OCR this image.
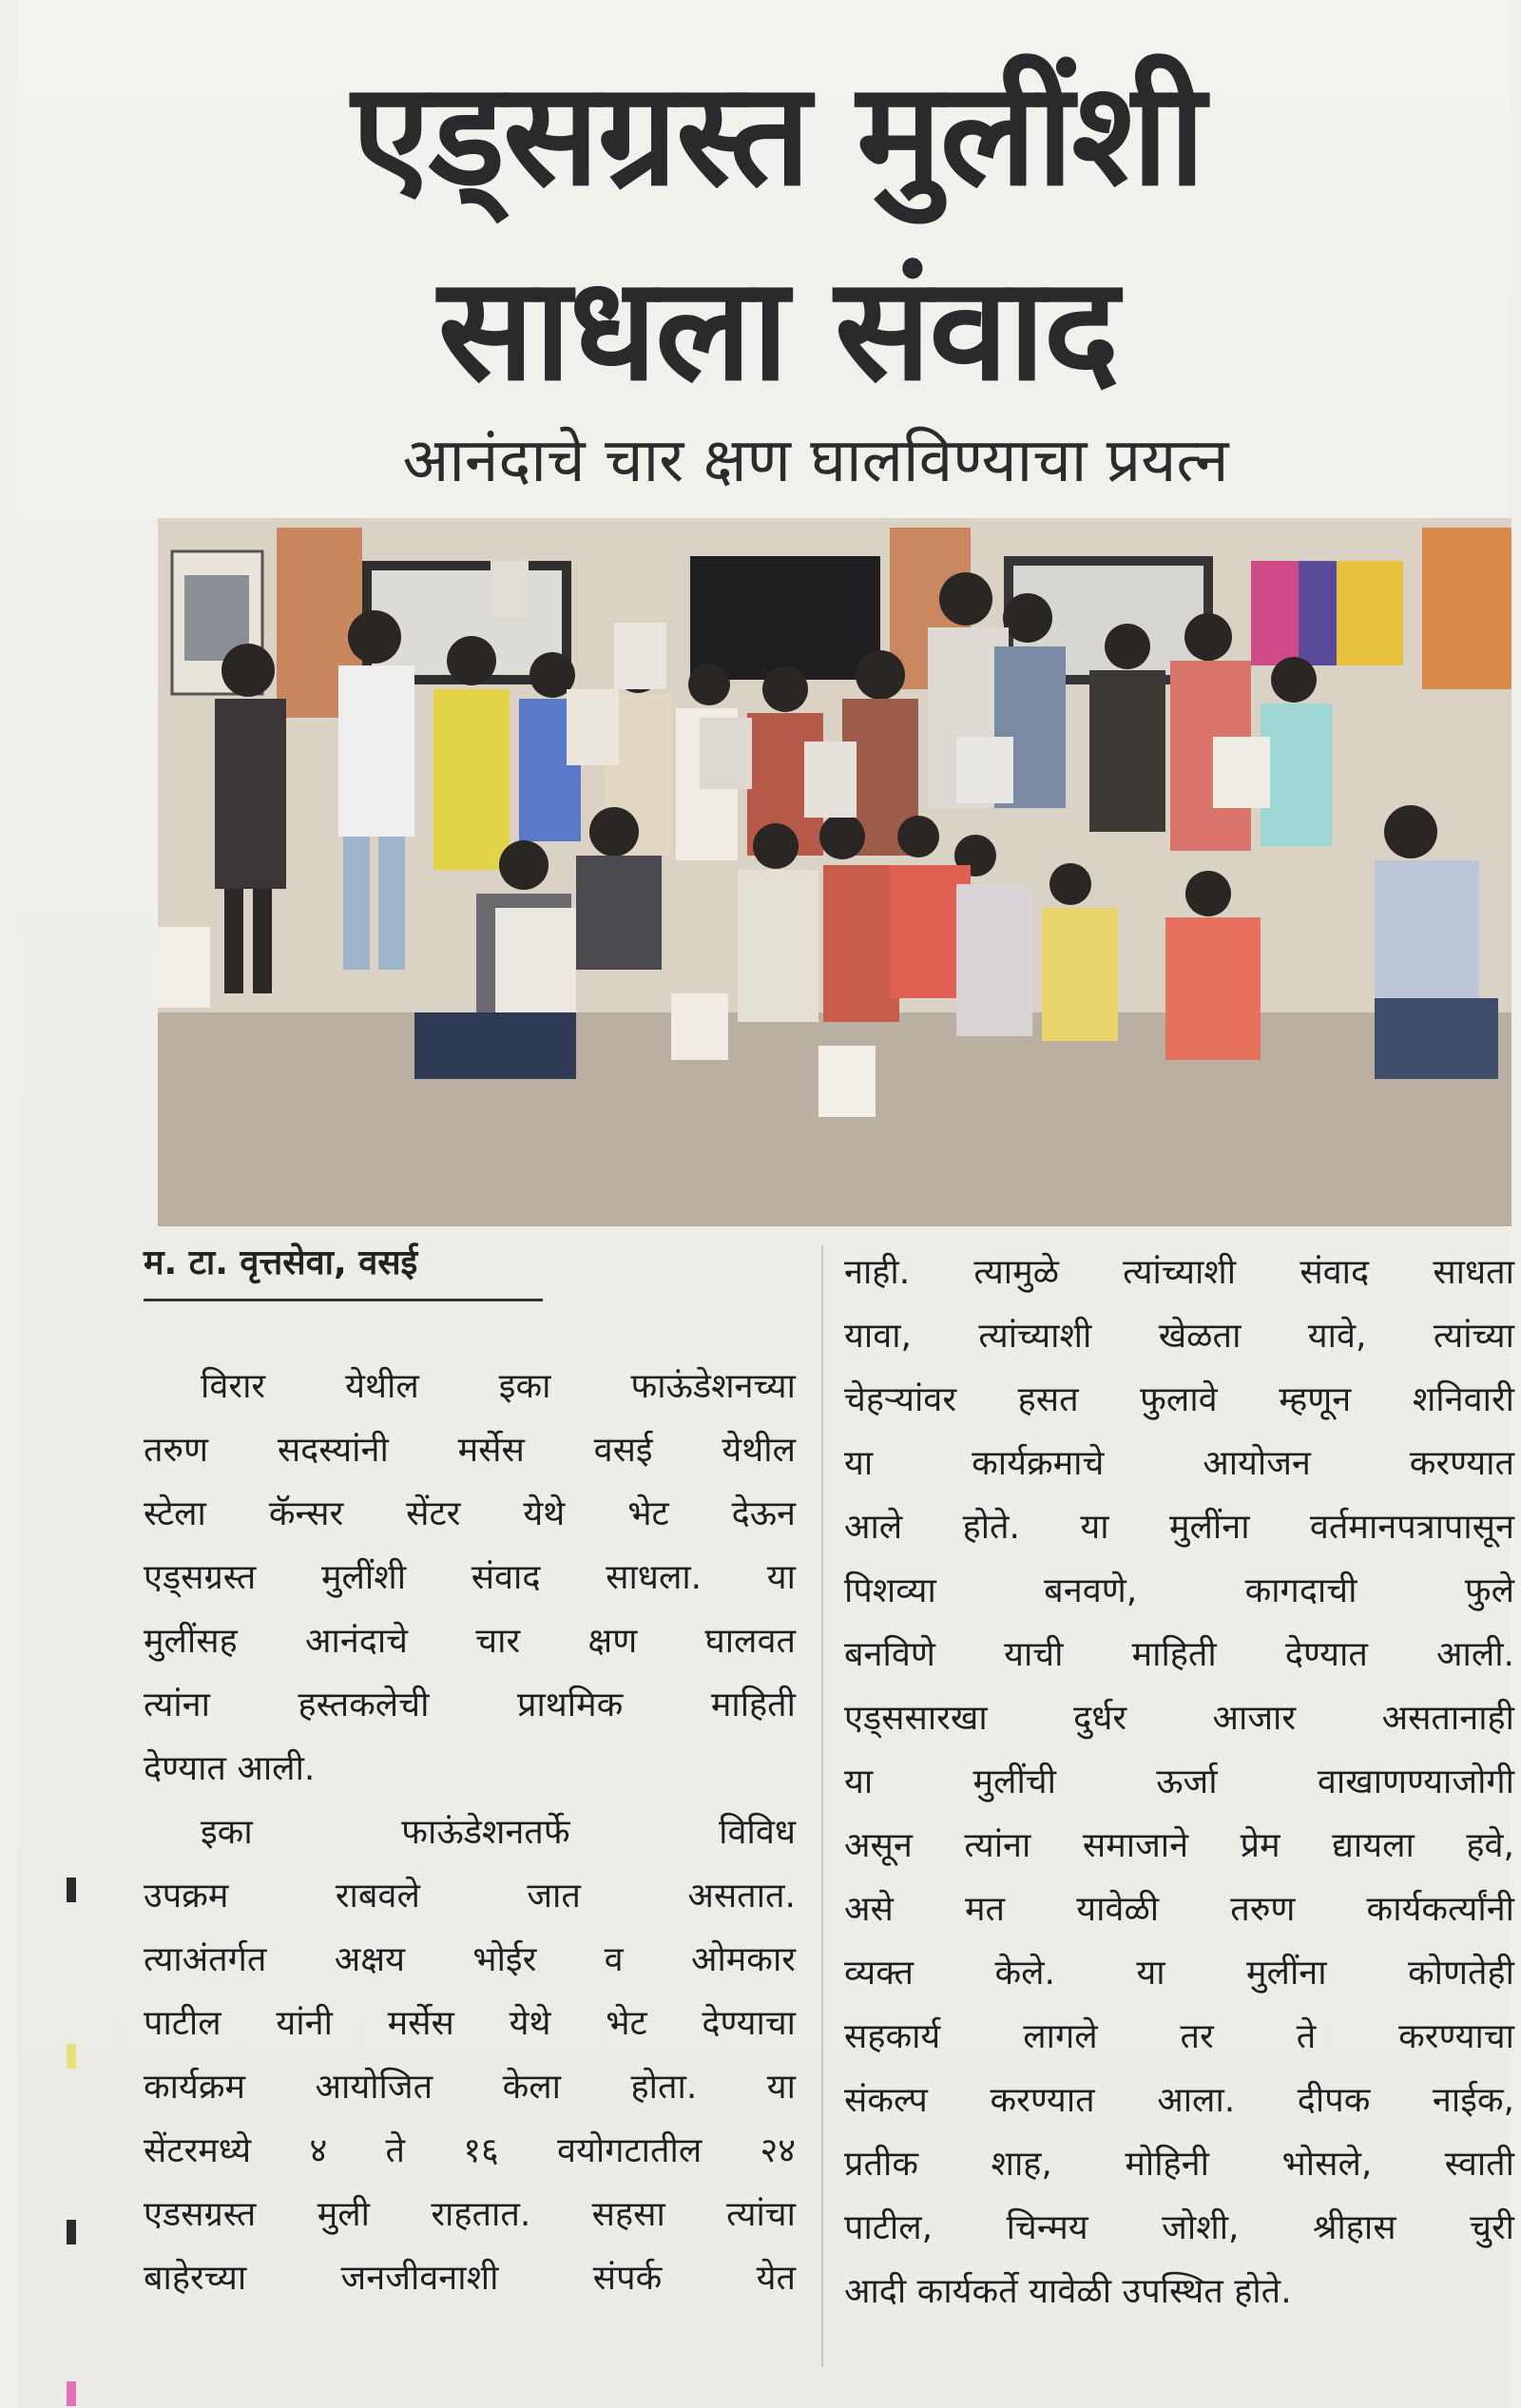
एड्सग्रस्त मुलींशी
साधला संवाद
आनंदाचे चार क्षण घालविण्याचा प्रयत्न
म. टा. वृत्तसेवा, वसई

विरार येथील इका फाऊंडेशनच्या
तरुण सदस्यांनी मर्सेस वसई येथील
स्टेला कॅन्सर सेंटर येथे भेट देऊन
एड्सग्रस्त मुलींशी संवाद साधला. या
मुलींसह आनंदाचे चार क्षण घालवत
त्यांना हस्तकलेची प्राथमिक माहिती
देण्यात आली.
इका फाऊंडेशनतर्फे विविध
उपक्रम राबवले जात असतात.
त्याअंतर्गत अक्षय भोईर व ओमकार
पाटील यांनी मर्सेस येथे भेट देण्याचा
कार्यक्रम आयोजित केला होता. या
सेंटरमध्ये ४ ते १६ वयोगटातील २४
एडसग्रस्त मुली राहतात. सहसा त्यांचा
बाहेरच्या जनजीवनाशी संपर्क येत

नाही. त्यामुळे त्यांच्याशी संवाद साधता
यावा, त्यांच्याशी खेळता यावे, त्यांच्या
चेहऱ्यांवर हसत फुलावे म्हणून शनिवारी
या कार्यक्रमाचे आयोजन करण्यात
आले होते. या मुलींना वर्तमानपत्रापासून
पिशव्या बनवणे, कागदाची फुले
बनविणे याची माहिती देण्यात आली.
एड्ससारखा दुर्धर आजार असतानाही
या मुलींची ऊर्जा वाखाणण्याजोगी
असून त्यांना समाजाने प्रेम द्यायला हवे,
असे मत यावेळी तरुण कार्यकर्त्यांनी
व्यक्त केले. या मुलींना कोणतेही
सहकार्य लागले तर ते करण्याचा
संकल्प करण्यात आला. दीपक नाईक,
प्रतीक शाह, मोहिनी भोसले, स्वाती
पाटील, चिन्मय जोशी, श्रीहास चुरी
आदी कार्यकर्ते यावेळी उपस्थित होते.
